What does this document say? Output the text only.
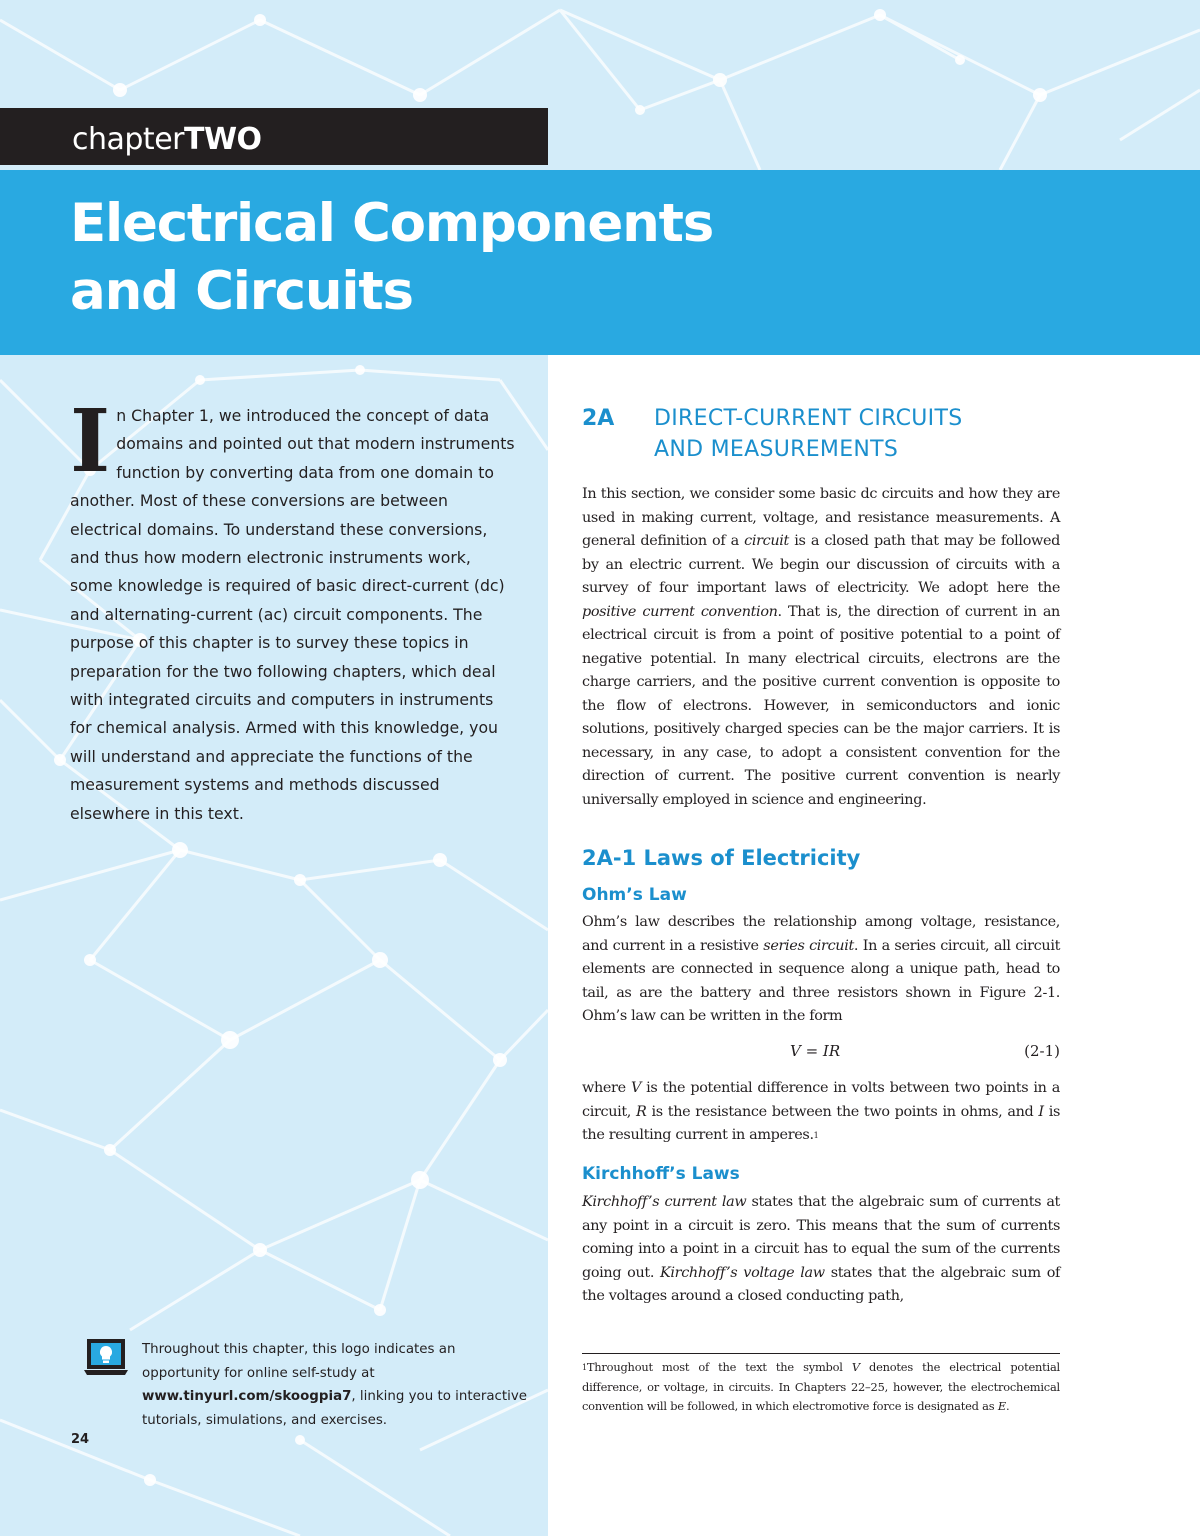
chapterTWO
Electrical Components
and Circuits

In Chapter 1, we introduced the concept of data domains and pointed out that modern instruments function by converting data from one domain to another. Most of these conversions are between electrical domains. To understand these conversions, and thus how modern electronic instruments work, some knowledge is required of basic direct-current (dc) and alternating-current (ac) circuit components. The purpose of this chapter is to survey these topics in preparation for the two following chapters, which deal with integrated circuits and computers in instruments for chemical analysis. Armed with this knowledge, you will understand and appreciate the functions of the measurement systems and methods discussed elsewhere in this text.

Throughout this chapter, this logo indicates an opportunity for online self-study at www.tinyurl.com/skoogpia7, linking you to interactive tutorials, simulations, and exercises.

24
2A DIRECT-CURRENT CIRCUITS
AND MEASUREMENTS

In this section, we consider some basic dc circuits and how they are used in making current, voltage, and resistance measurements. A general definition of a circuit is a closed path that may be followed by an electric current. We begin our discussion of circuits with a survey of four important laws of electricity. We adopt here the positive current convention. That is, the direction of current in an electrical circuit is from a point of positive potential to a point of negative potential. In many electrical circuits, electrons are the charge carriers, and the positive current convention is opposite to the flow of electrons. However, in semiconductors and ionic solutions, positively charged species can be the major carriers. It is necessary, in any case, to adopt a consistent convention for the direction of current. The positive current convention is nearly universally employed in science and engineering.

2A-1 Laws of Electricity
Ohm’s Law

Ohm’s law describes the relationship among voltage, resistance, and current in a resistive series circuit. In a series circuit, all circuit elements are connected in sequence along a unique path, head to tail, as are the battery and three resistors shown in Figure 2-1. Ohm’s law can be written in the form

V = IR	(2-1)

where V is the potential difference in volts between two points in a circuit, R is the resistance between the two points in ohms, and I is the resulting current in amperes.$^1$

Kirchhoff’s Laws

Kirchhoff’s current law states that the algebraic sum of currents at any point in a circuit is zero. This means that the sum of currents coming into a point in a circuit has to equal the sum of the currents going out. Kirchhoff’s voltage law states that the algebraic sum of the voltages around a closed conducting path,

$^1$Throughout most of the text the symbol V denotes the electrical potential difference, or voltage, in circuits. In Chapters 22–25, however, the electrochemical convention will be followed, in which electromotive force is designated as E.
